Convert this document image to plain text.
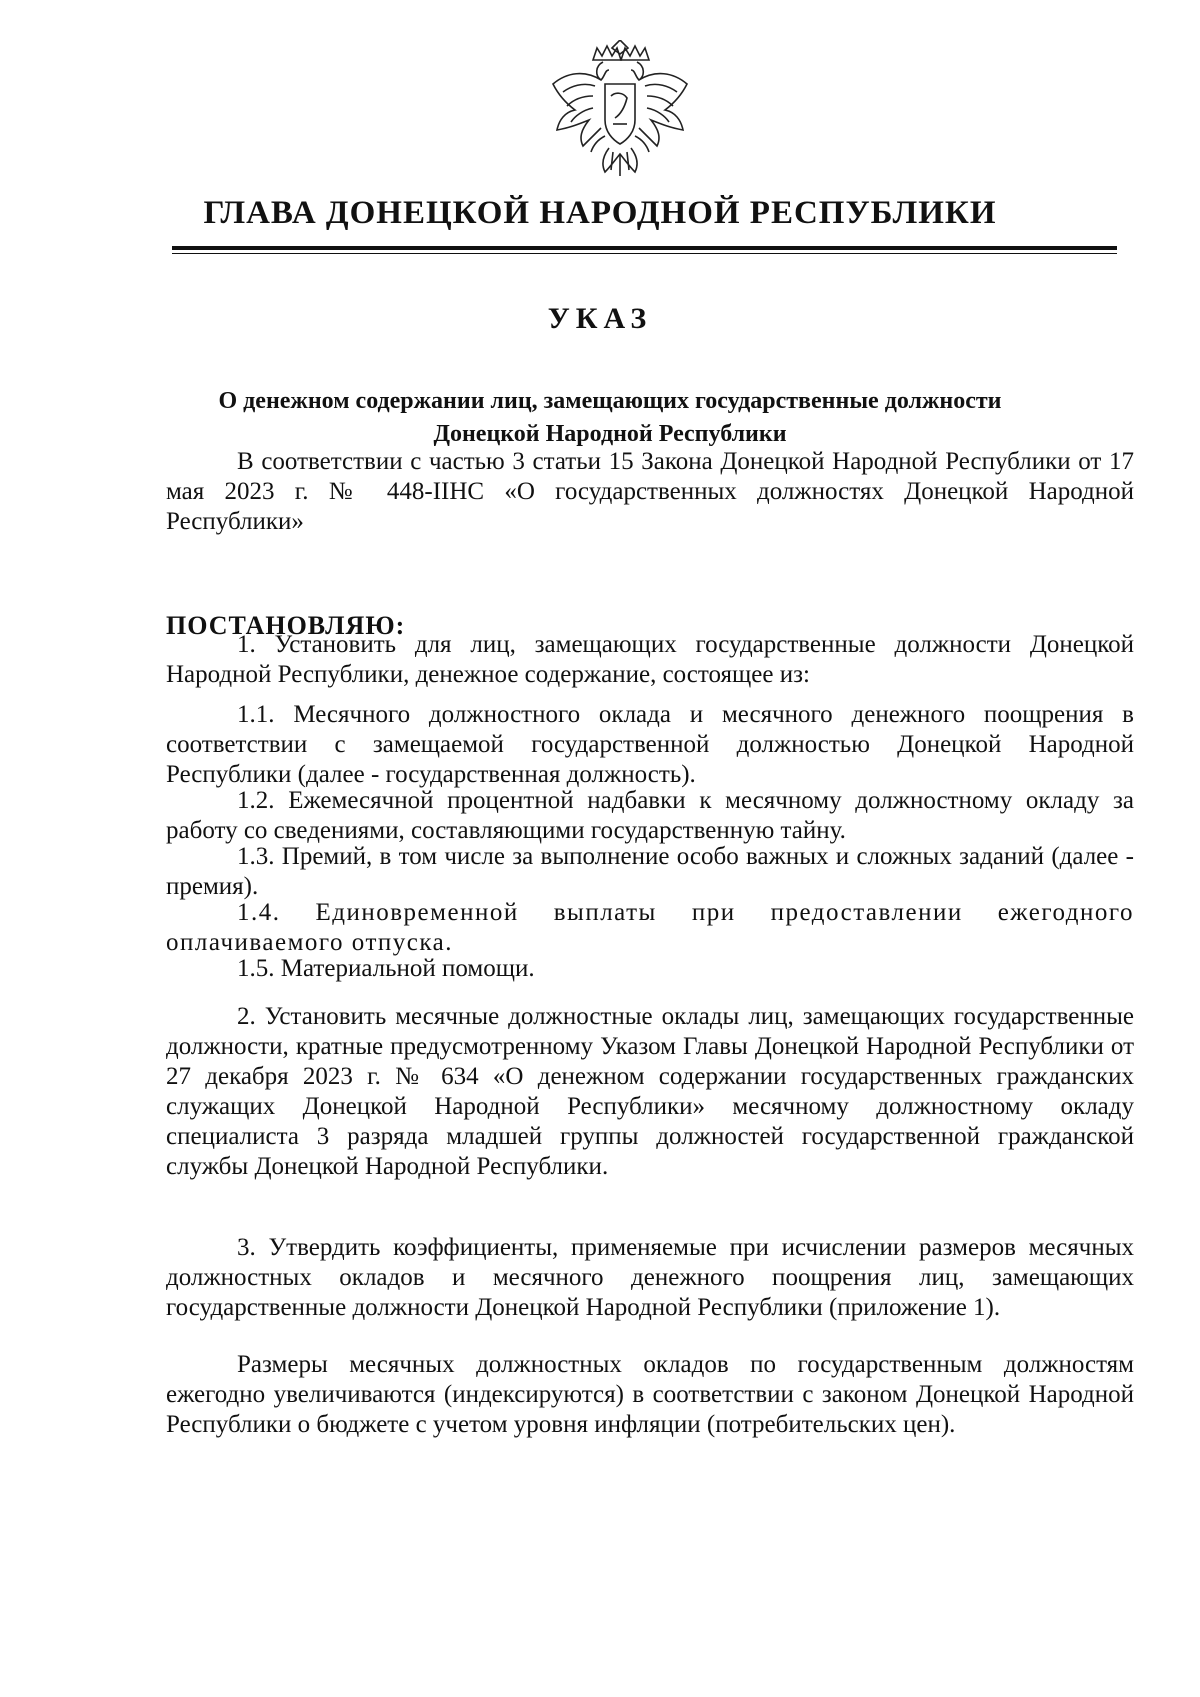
ГЛАВА ДОНЕЦКОЙ НАРОДНОЙ РЕСПУБЛИКИ
УКАЗ
О денежном содержании лиц, замещающих государственные должности
Донецкой Народной Республики
В соответствии с частью 3 статьи 15 Закона Донецкой Народной Республики от 17 мая 2023 г. № 448-IIНС «О государственных должностях Донецкой Народной Республики»
ПОСТАНОВЛЯЮ:
1. Установить для лиц, замещающих государственные должности Донецкой Народной Республики, денежное содержание, состоящее из:
1.1. Месячного должностного оклада и месячного денежного поощрения в соответствии с замещаемой государственной должностью Донецкой Народной Республики (далее - государственная должность).
1.2. Ежемесячной процентной надбавки к месячному должностному окладу за работу со сведениями, составляющими государственную тайну.
1.3. Премий, в том числе за выполнение особо важных и сложных заданий (далее - премия).
1.4. Единовременной выплаты при предоставлении ежегодного оплачиваемого отпуска.
1.5. Материальной помощи.
2. Установить месячные должностные оклады лиц, замещающих государственные должности, кратные предусмотренному Указом Главы Донецкой Народной Республики от 27 декабря 2023 г. № 634 «О денежном содержании государственных гражданских служащих Донецкой Народной Республики» месячному должностному окладу специалиста 3 разряда младшей группы должностей государственной гражданской службы Донецкой Народной Республики.
3. Утвердить коэффициенты, применяемые при исчислении размеров месячных должностных окладов и месячного денежного поощрения лиц, замещающих государственные должности Донецкой Народной Республики (приложение 1).
Размеры месячных должностных окладов по государственным должностям ежегодно увеличиваются (индексируются) в соответствии с законом Донецкой Народной Республики о бюджете с учетом уровня инфляции (потребительских цен).
